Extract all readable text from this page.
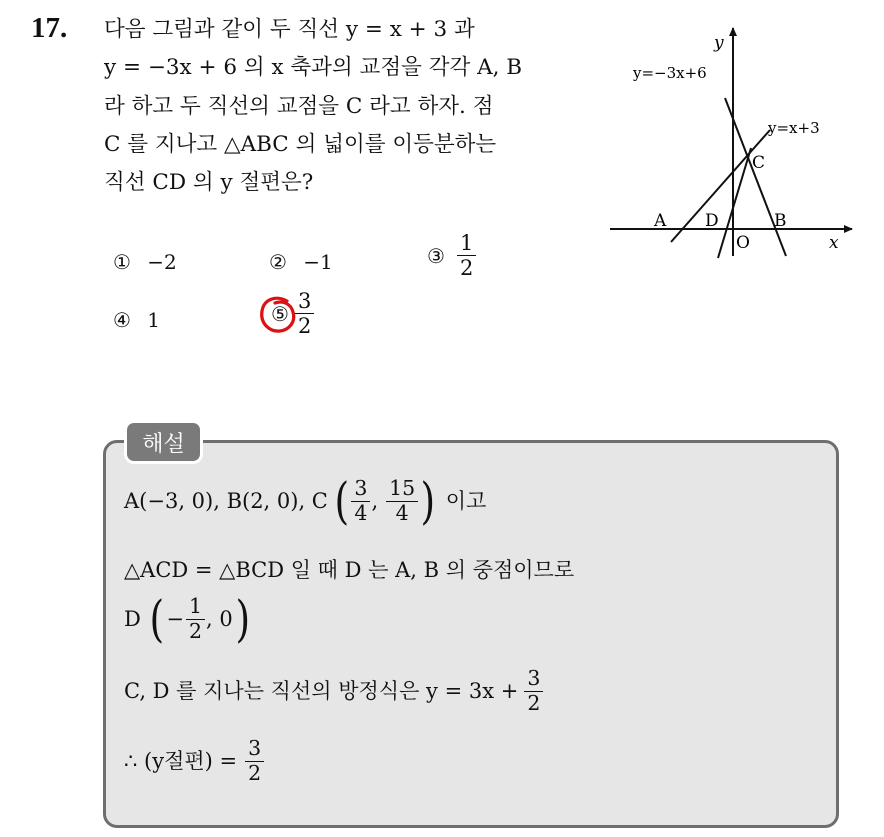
17. 다음 그림과 같이 두 직선 y = x + 3 과
y = −3x + 6 의 x 축과의 교점을 각각 A, B
라 하고 두 직선의 교점을 C 라고 하자. 점
C 를 지나고 △ABC 의 넓이를 이등분하는
직선 CD 의 y 절편은?
y
x
y=−3x+6
y=x+3
A D
O
B
C
① −2	② −1	③ $\frac{1}{2}$
④ 1	⑤ $\frac{3}{2}$
해설
A(−3, 0), B(2, 0), C ( $\frac{3}{4}$ , $\frac{15}{4}$ ) 이고
△ACD = △BCD 일 때 D 는 A, B 의 중점이므로
D ( − $\frac{1}{2}$ , 0 )
C, D 를 지나는 직선의 방정식은 $y = 3x + \frac{3}{2}$
∴ (y절편) = $\frac{3}{2}$
